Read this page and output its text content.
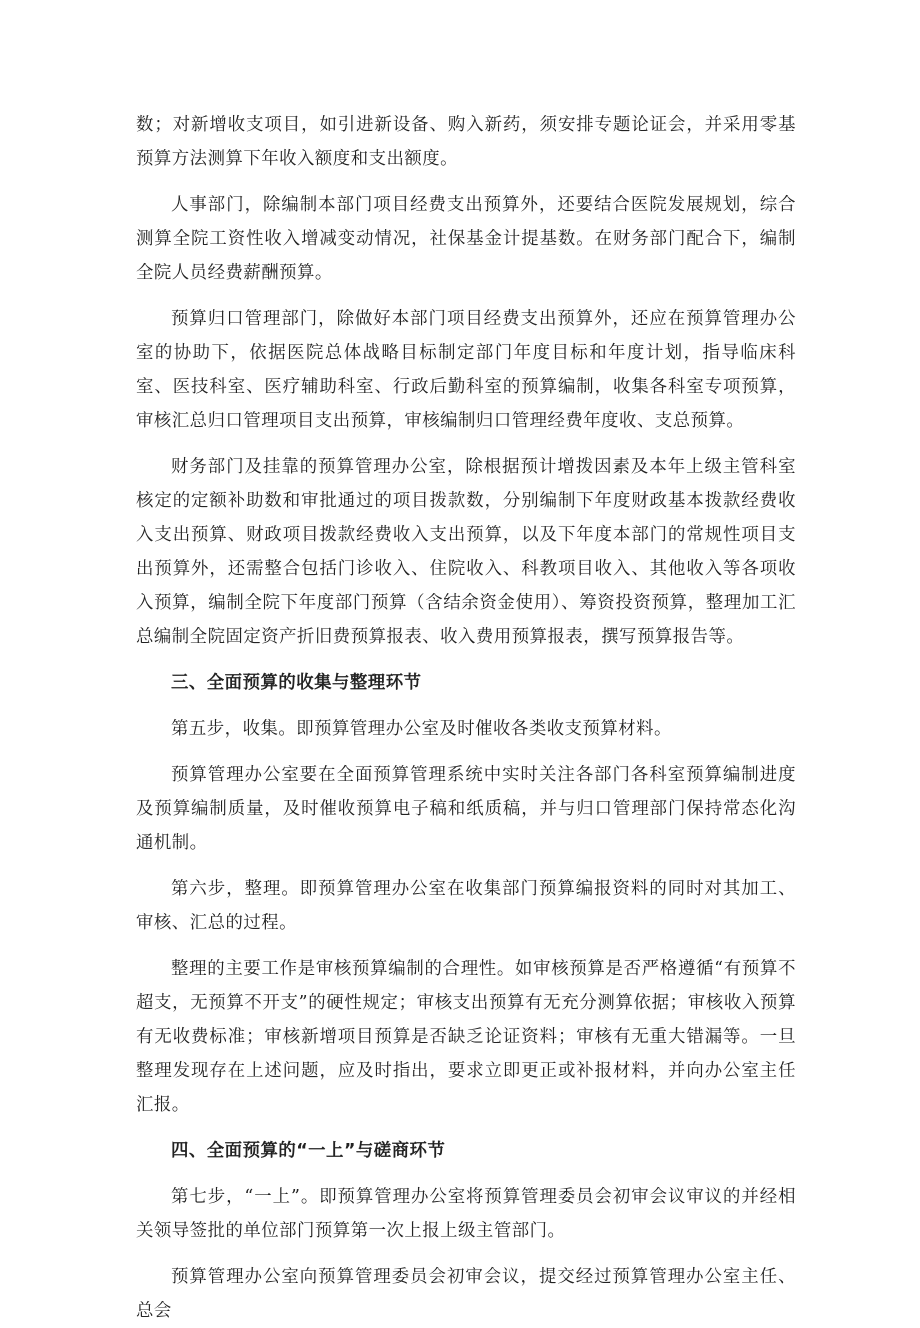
数；对新增收支项目，如引进新设备、购入新药，须安排专题论证会，并采用零基预算方法测算下年收入额度和支出额度。

人事部门，除编制本部门项目经费支出预算外，还要结合医院发展规划，综合测算全院工资性收入增减变动情况，社保基金计提基数。在财务部门配合下，编制全院人员经费薪酬预算。

预算归口管理部门，除做好本部门项目经费支出预算外，还应在预算管理办公室的协助下，依据医院总体战略目标制定部门年度目标和年度计划，指导临床科室、医技科室、医疗辅助科室、行政后勤科室的预算编制，收集各科室专项预算，审核汇总归口管理项目支出预算，审核编制归口管理经费年度收、支总预算。

财务部门及挂靠的预算管理办公室，除根据预计增拨因素及本年上级主管科室核定的定额补助数和审批通过的项目拨款数，分别编制下年度财政基本拨款经费收入支出预算、财政项目拨款经费收入支出预算，以及下年度本部门的常规性项目支出预算外，还需整合包括门诊收入、住院收入、科教项目收入、其他收入等各项收入预算，编制全院下年度部门预算（含结余资金使用）、筹资投资预算，整理加工汇总编制全院固定资产折旧费预算报表、收入费用预算报表，撰写预算报告等。

三、全面预算的收集与整理环节

第五步，收集。即预算管理办公室及时催收各类收支预算材料。

预算管理办公室要在全面预算管理系统中实时关注各部门各科室预算编制进度及预算编制质量，及时催收预算电子稿和纸质稿，并与归口管理部门保持常态化沟通机制。

第六步，整理。即预算管理办公室在收集部门预算编报资料的同时对其加工、审核、汇总的过程。

整理的主要工作是审核预算编制的合理性。如审核预算是否严格遵循“有预算不超支，无预算不开支”的硬性规定；审核支出预算有无充分测算依据；审核收入预算有无收费标准；审核新增项目预算是否缺乏论证资料；审核有无重大错漏等。一旦整理发现存在上述问题，应及时指出，要求立即更正或补报材料，并向办公室主任汇报。

四、全面预算的“一上”与磋商环节

第七步，“一上”。即预算管理办公室将预算管理委员会初审会议审议的并经相关领导签批的单位部门预算第一次上报上级主管部门。

预算管理办公室向预算管理委员会初审会议，提交经过预算管理办公室主任、总会
